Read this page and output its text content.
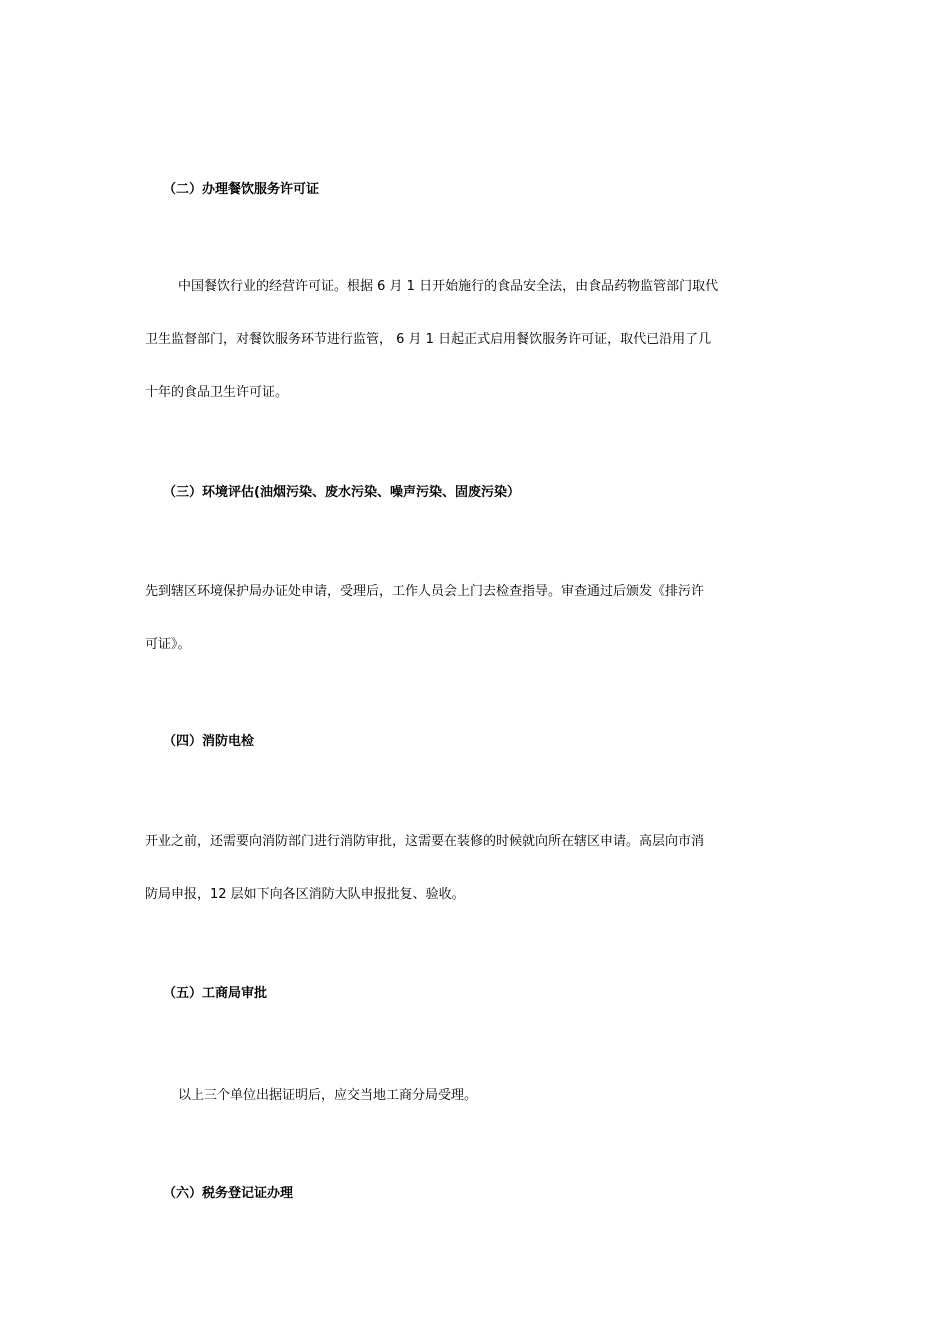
（二）办理餐饮服务许可证
中国餐饮行业的经营许可证。根据 6 月 1 日开始施行的食品安全法，由食品药物监管部门取代
卫生监督部门，对餐饮服务环节进行监管， 6 月 1 日起正式启用餐饮服务许可证，取代已沿用了几
十年的食品卫生许可证。
（三）环境评估(油烟污染、废水污染、噪声污染、固废污染）
先到辖区环境保护局办证处申请，受理后，工作人员会上门去检查指导。审查通过后颁发《排污许
可证》。
（四）消防电检
开业之前，还需要向消防部门进行消防审批，这需要在装修的时候就向所在辖区申请。高层向市消
防局申报，12 层如下向各区消防大队申报批复、验收。
（五）工商局审批
以上三个单位出据证明后，应交当地工商分局受理。
（六）税务登记证办理
